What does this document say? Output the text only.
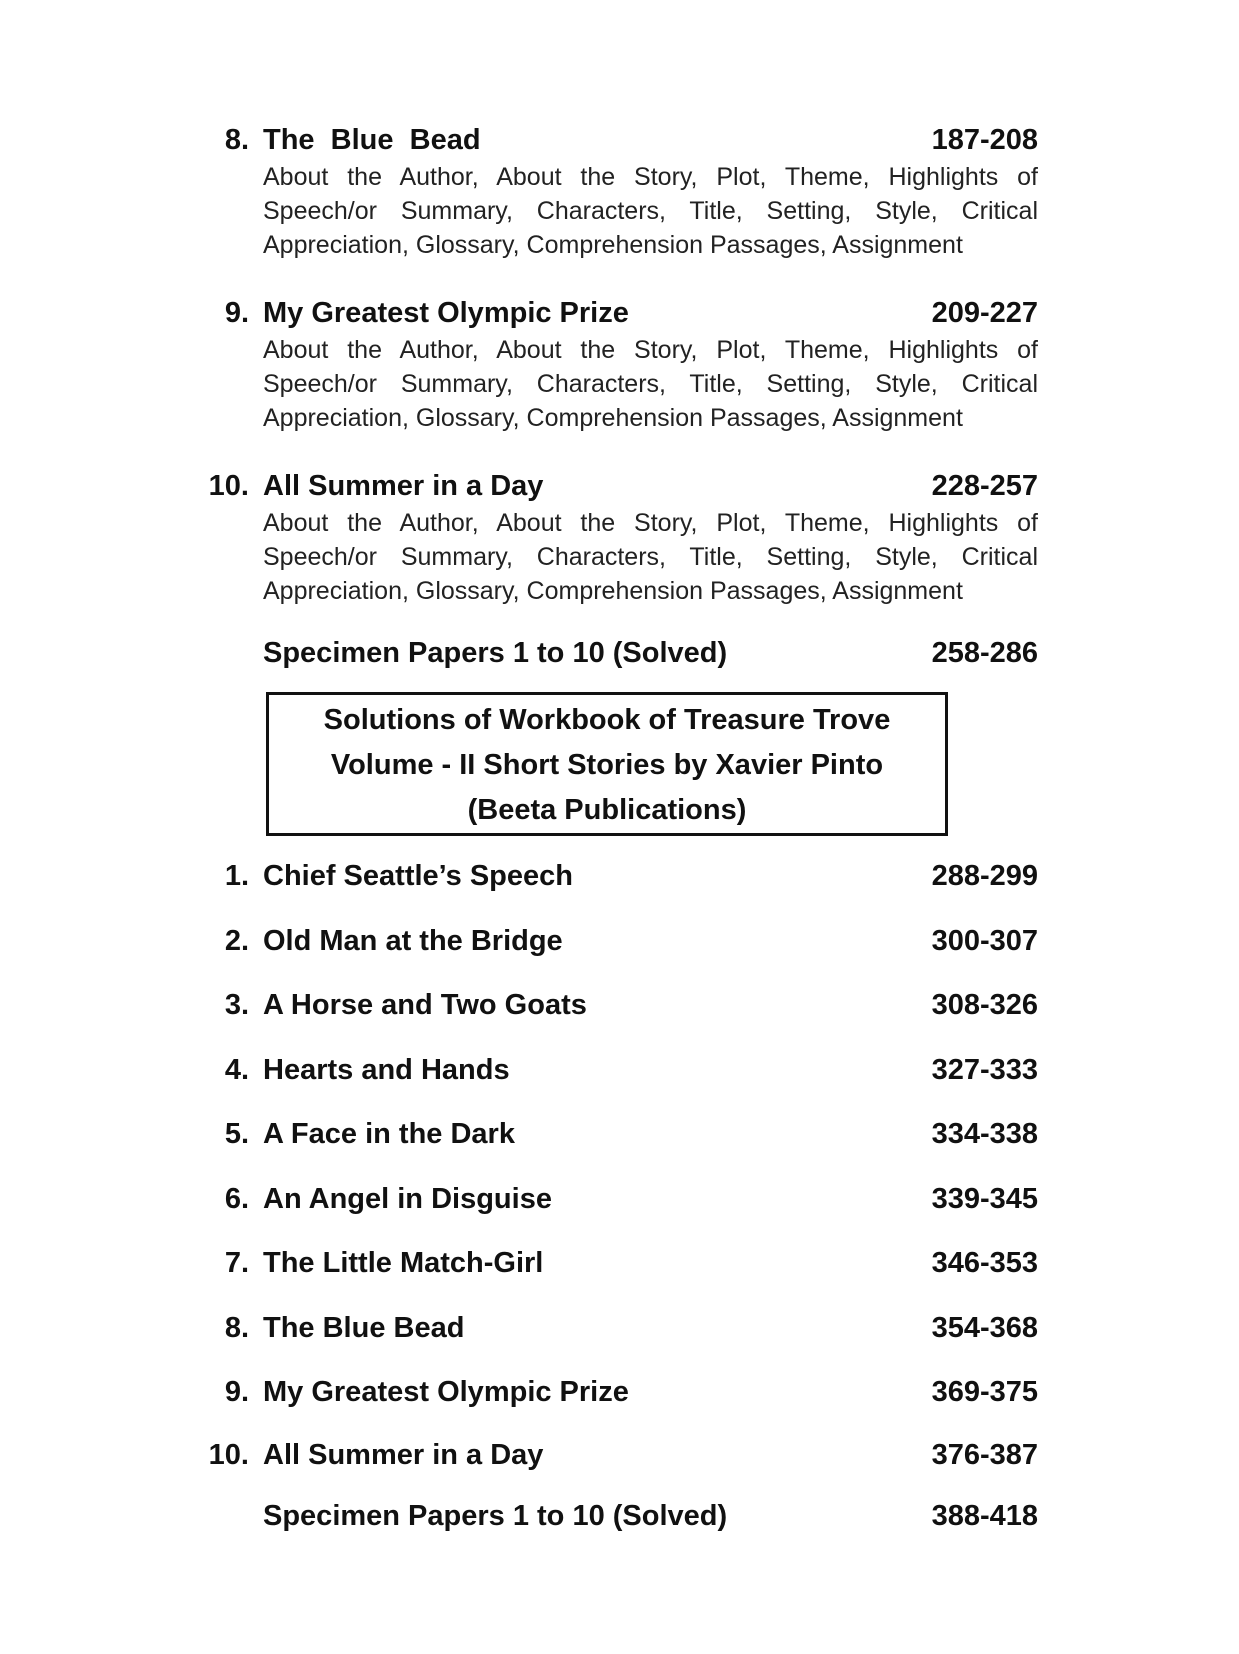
8. The  Blue  Bead	187-208
About the Author, About the Story, Plot, Theme, Highlights of Speech/or Summary, Characters, Title, Setting, Style, Critical Appreciation, Glossary, Comprehension Passages, Assignment
9. My Greatest Olympic Prize	209-227
About the Author, About the Story, Plot, Theme, Highlights of Speech/or Summary, Characters, Title, Setting, Style, Critical Appreciation, Glossary, Comprehension Passages, Assignment
10. All Summer in a Day	228-257
About the Author, About the Story, Plot, Theme, Highlights of Speech/or Summary, Characters, Title, Setting, Style, Critical Appreciation, Glossary, Comprehension Passages, Assignment
Specimen Papers 1 to 10 (Solved)	258-286
Solutions of Workbook of Treasure Trove
Volume - II Short Stories by Xavier Pinto
(Beeta Publications)
1. Chief Seattle’s Speech	288-299
2. Old Man at the Bridge	300-307
3. A Horse and Two Goats	308-326
4. Hearts and Hands	327-333
5. A Face in the Dark	334-338
6. An Angel in Disguise	339-345
7. The Little Match-Girl	346-353
8. The Blue Bead	354-368
9. My Greatest Olympic Prize	369-375
10. All Summer in a Day	376-387
Specimen Papers 1 to 10 (Solved)	388-418
